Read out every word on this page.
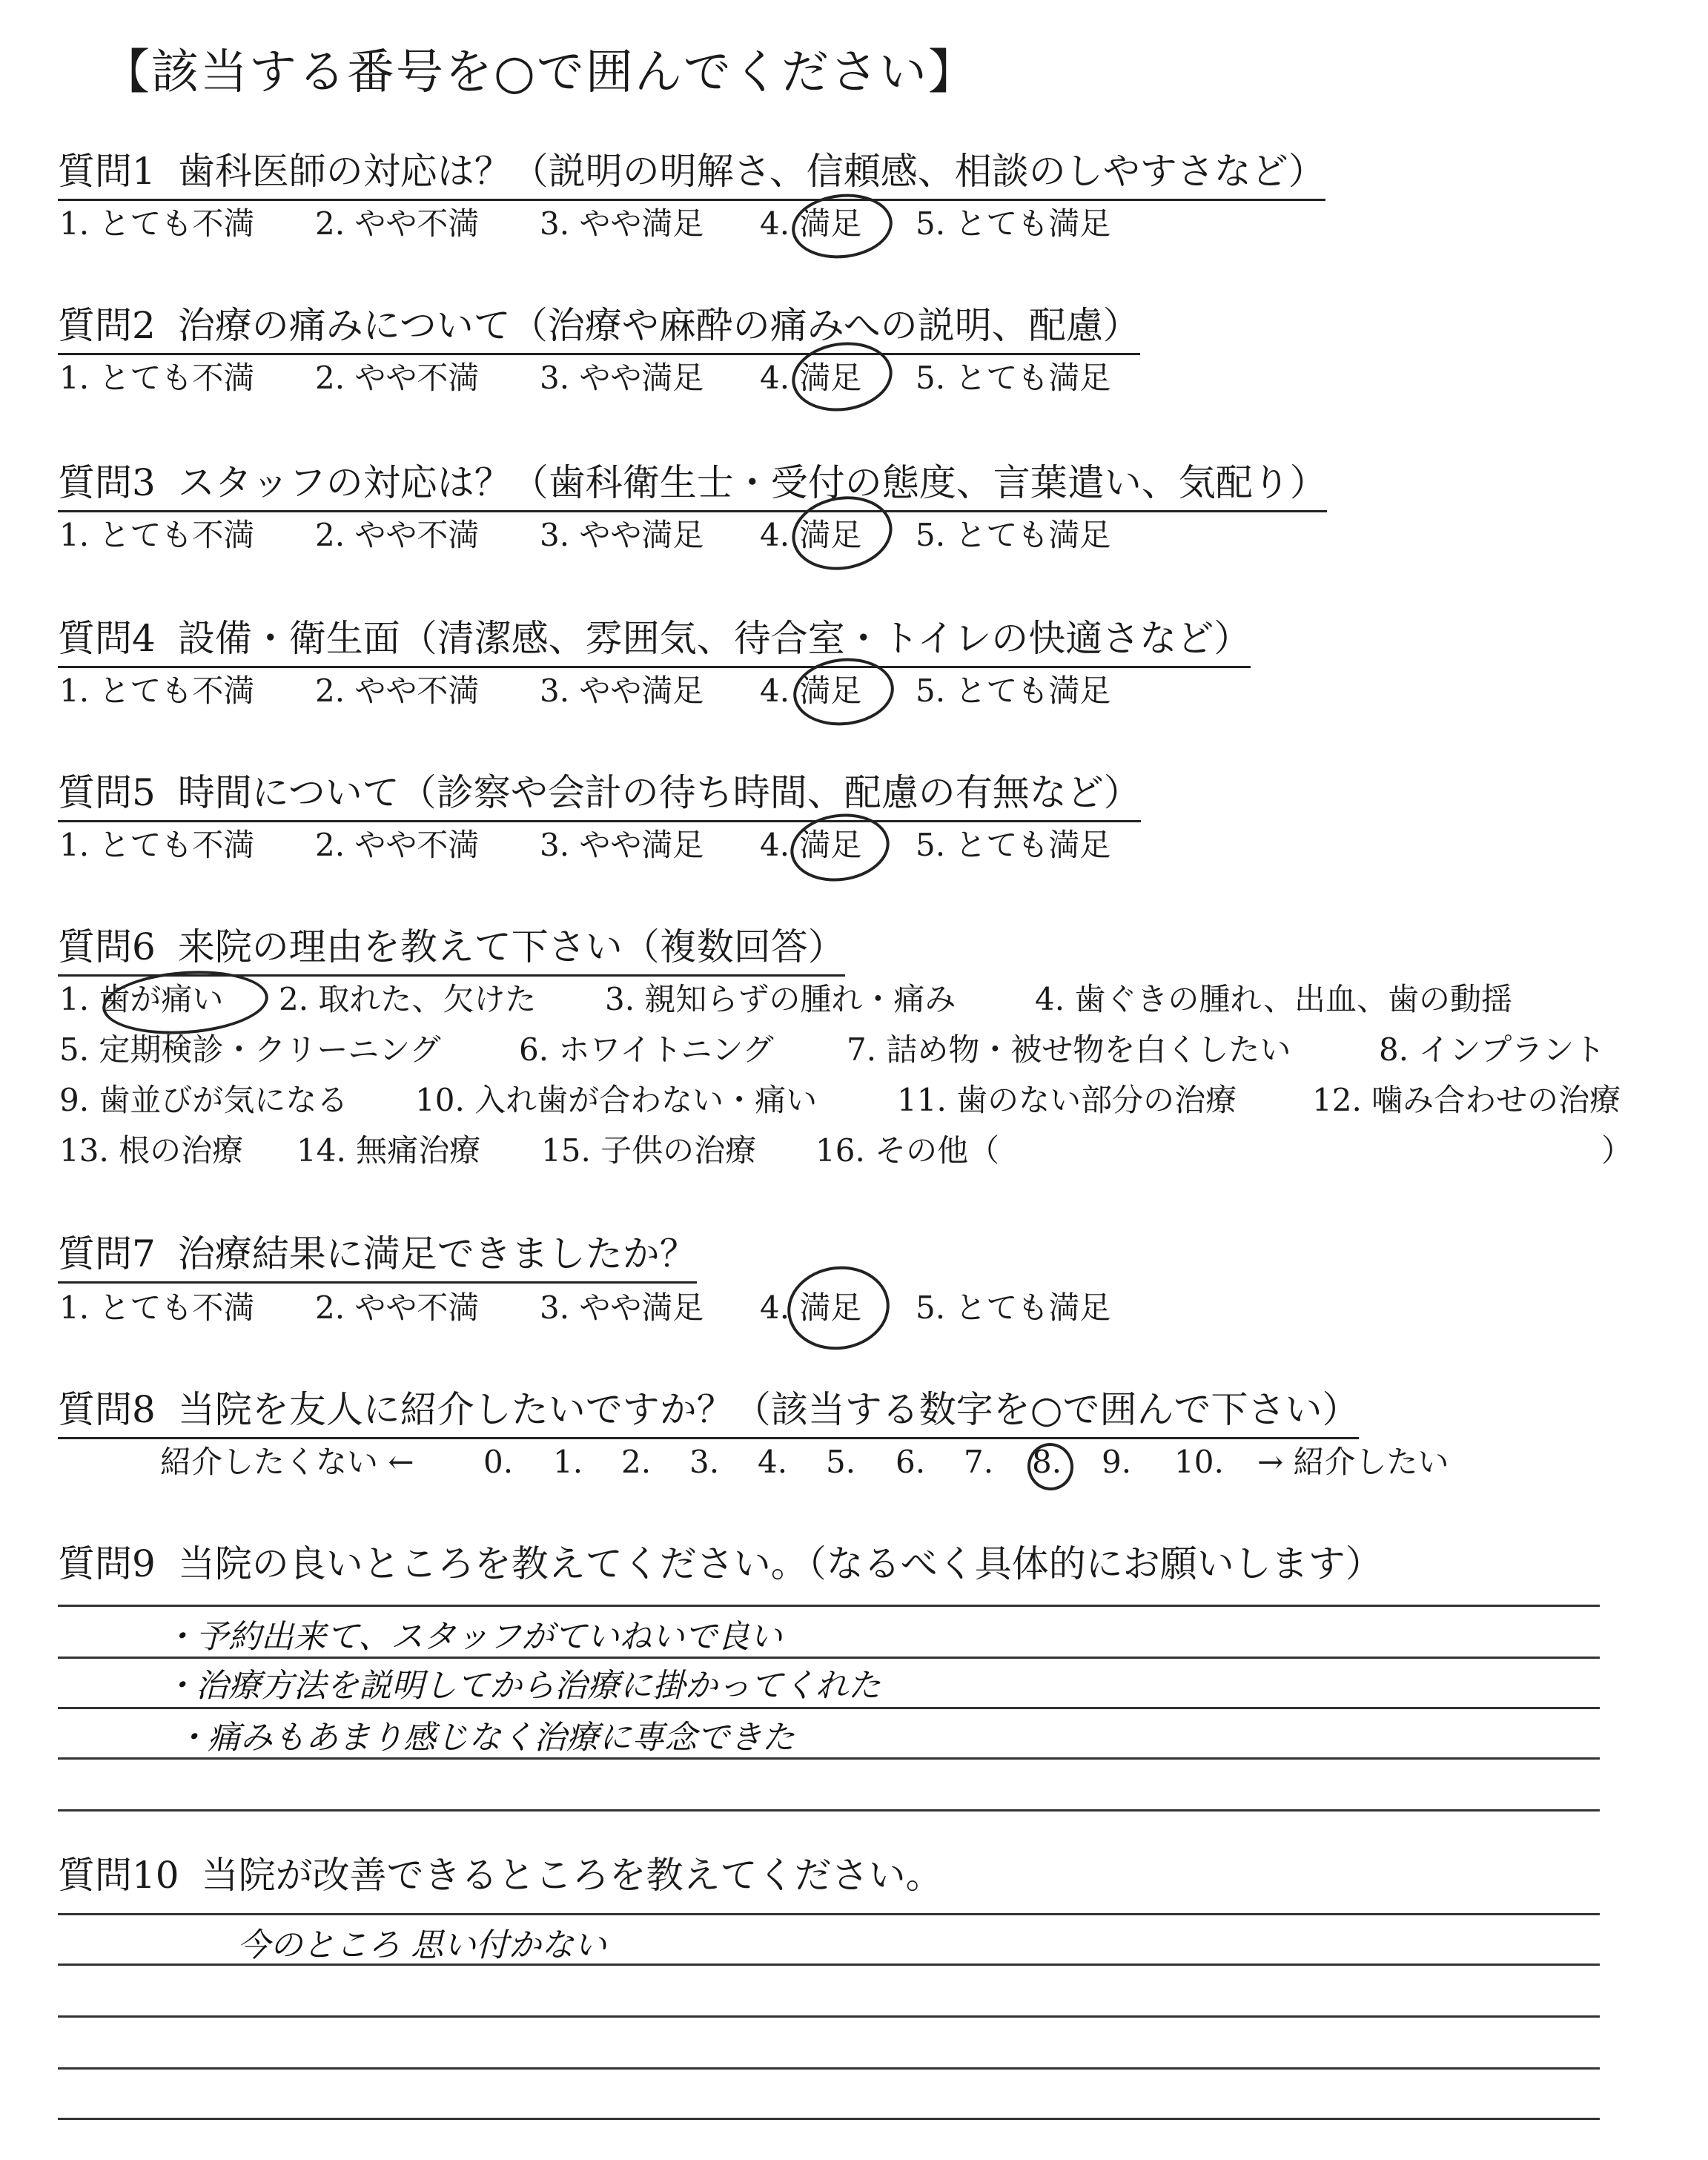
【該当する番号を○で囲んでください】
質問1 歯科医師の対応は？（説明の明解さ、信頼感、相談のしやすさなど）
1. とても不満 2. やや不満 3. やや満足 4. 満足 5. とても満足
質問2 治療の痛みについて（治療や麻酔の痛みへの説明、配慮）
1. とても不満 2. やや不満 3. やや満足 4. 満足 5. とても満足
質問3 スタッフの対応は？（歯科衛生士・受付の態度、言葉遣い、気配り）
1. とても不満 2. やや不満 3. やや満足 4. 満足 5. とても満足
質問4 設備・衛生面（清潔感、雰囲気、待合室・トイレの快適さなど）
1. とても不満 2. やや不満 3. やや満足 4. 満足 5. とても満足
質問5 時間について（診察や会計の待ち時間、配慮の有無など）
1. とても不満 2. やや不満 3. やや満足 4. 満足 5. とても満足
質問6 来院の理由を教えて下さい（複数回答）
1. 歯が痛い 2. 取れた、欠けた 3. 親知らずの腫れ・痛み	4. 歯ぐきの腫れ、出血、歯の動揺
5. 定期検診・クリーニング	6. ホワイトニング 7. 詰め物・被せ物を白くしたい	8. インプラント
9. 歯並びが気になる 10. 入れ歯が合わない・痛い	11. 歯のない部分の治療 12. 噛み合わせの治療
13. 根の治療 14. 無痛治療 15. 子供の治療 16. その他（	）
質問7 治療結果に満足できましたか？
1. とても不満 2. やや不満 3. やや満足 4. 満足 5. とても満足
質問8 当院を友人に紹介したいですか？（該当する数字を○で囲んで下さい）
紹介したくない ← 0. 1. 2. 3. 4. 5. 6. 7. 8. 9. 10. → 紹介したい
質問9 当院の良いところを教えてください。（なるべく具体的にお願いします）
・予約出来て、スタッフがていねいで良い
・治療方法を説明してから治療に掛かってくれた
・痛みもあまり感じなく治療に専念できた
質問10 当院が改善できるところを教えてください。
今のところ 思い付かない
